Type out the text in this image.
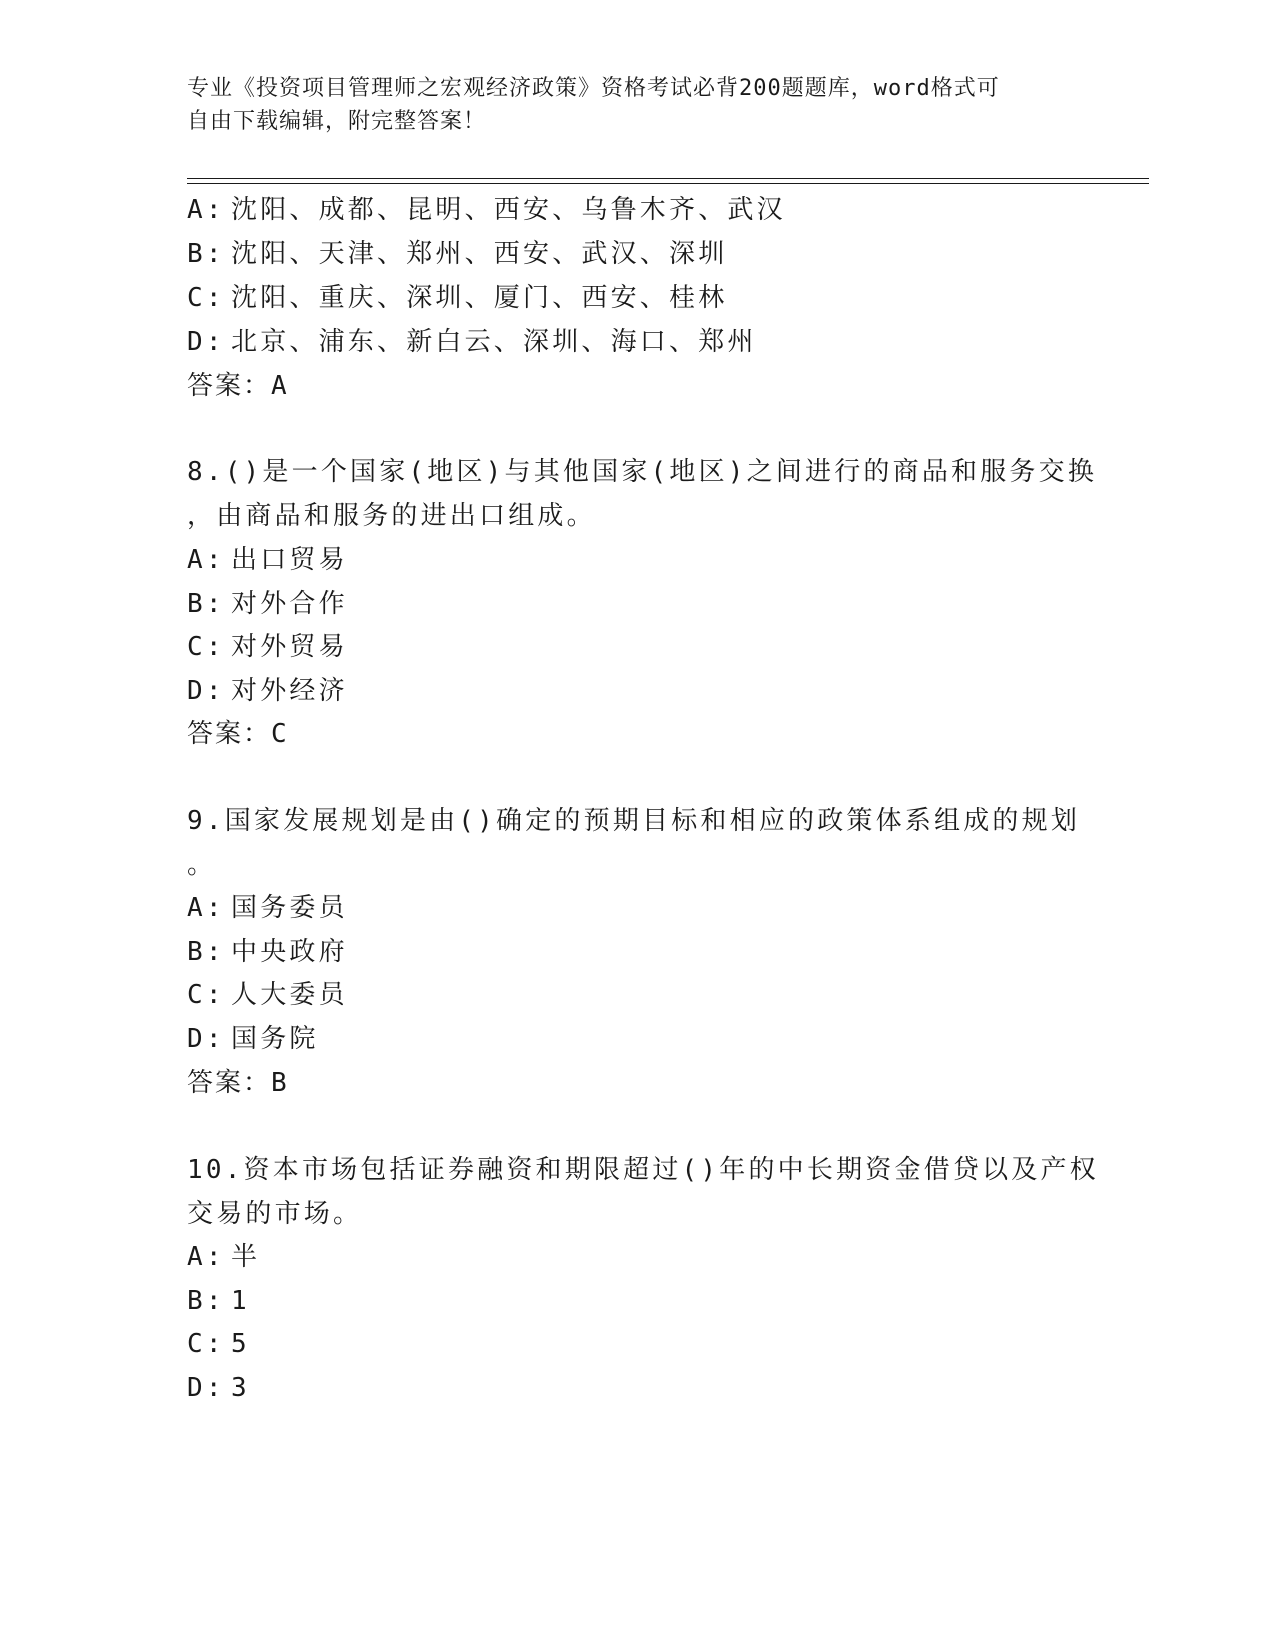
专业《投资项目管理师之宏观经济政策》资格考试必背200题题库，word格式可
自由下载编辑，附完整答案！
A: 沈阳、成都、昆明、西安、乌鲁木齐、武汉
B: 沈阳、天津、郑州、西安、武汉、深圳
C: 沈阳、重庆、深圳、厦门、西安、桂林
D: 北京、浦东、新白云、深圳、海口、郑州
答案：A
8.()是一个国家(地区)与其他国家(地区)之间进行的商品和服务交换
，由商品和服务的进出口组成。
A: 出口贸易
B: 对外合作
C: 对外贸易
D: 对外经济
答案：C
9.国家发展规划是由()确定的预期目标和相应的政策体系组成的规划
。
A: 国务委员
B: 中央政府
C: 人大委员
D: 国务院
答案：B
10.资本市场包括证券融资和期限超过()年的中长期资金借贷以及产权
交易的市场。
A: 半
B: 1
C: 5
D: 3
